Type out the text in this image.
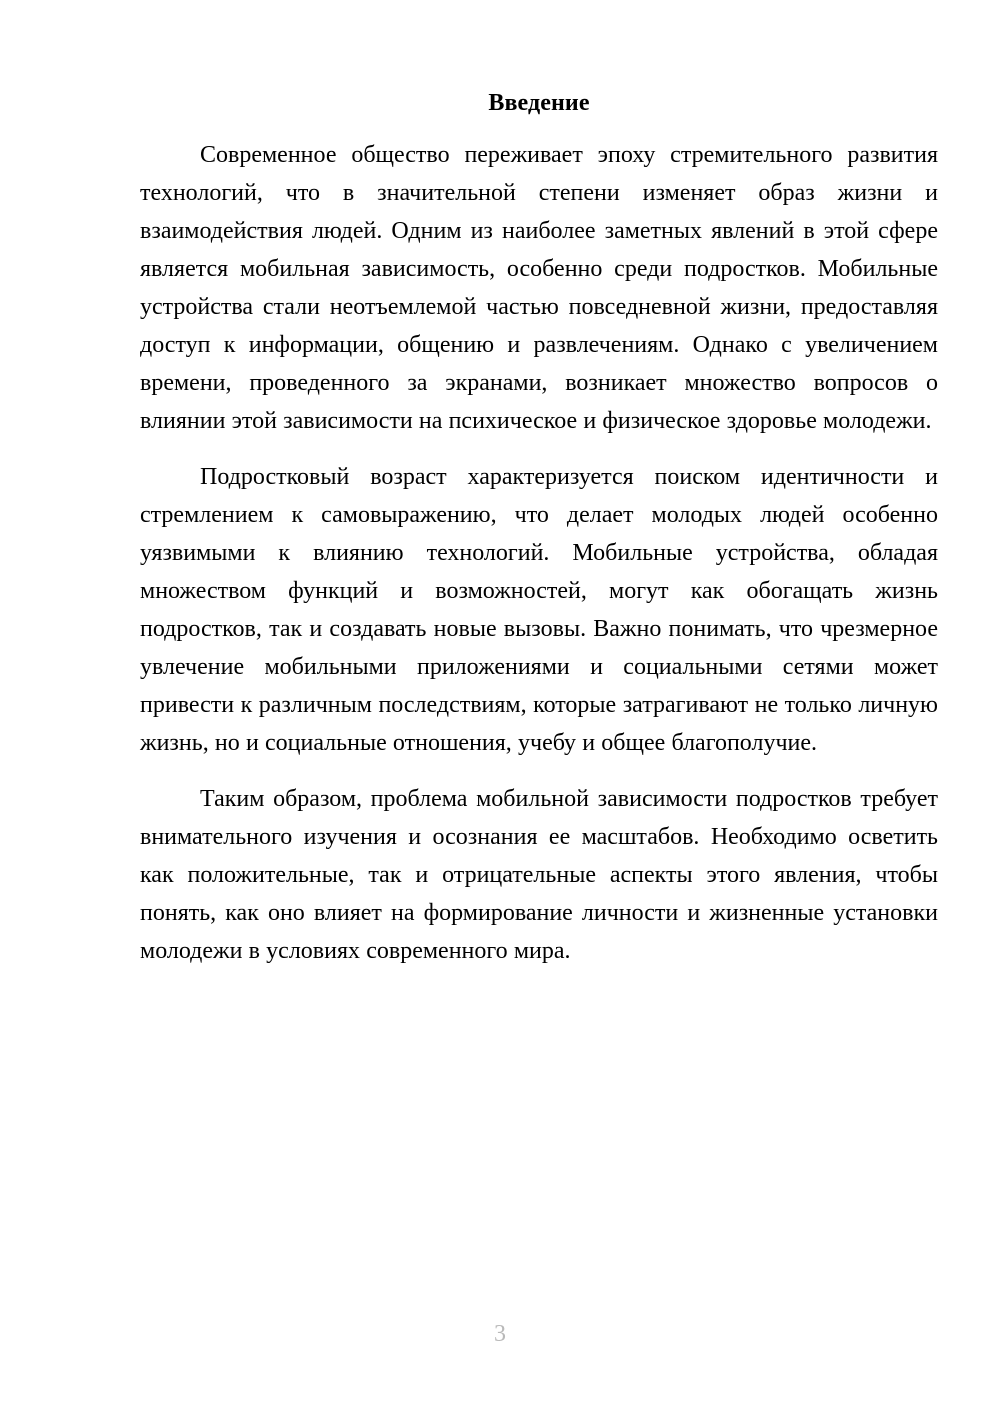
Введение

Современное общество переживает эпоху стремительного развития технологий, что в значительной степени изменяет образ жизни и взаимодействия людей. Одним из наиболее заметных явлений в этой сфере является мобильная зависимость, особенно среди подростков. Мобильные устройства стали неотъемлемой частью повседневной жизни, предоставляя доступ к информации, общению и развлечениям. Однако с увеличением времени, проведенного за экранами, возникает множество вопросов о влиянии этой зависимости на психическое и физическое здоровье молодежи.

Подростковый возраст характеризуется поиском идентичности и стремлением к самовыражению, что делает молодых людей особенно уязвимыми к влиянию технологий. Мобильные устройства, обладая множеством функций и возможностей, могут как обогащать жизнь подростков, так и создавать новые вызовы. Важно понимать, что чрезмерное увлечение мобильными приложениями и социальными сетями может привести к различным последствиям, которые затрагивают не только личную жизнь, но и социальные отношения, учебу и общее благополучие.

Таким образом, проблема мобильной зависимости подростков требует внимательного изучения и осознания ее масштабов. Необходимо осветить как положительные, так и отрицательные аспекты этого явления, чтобы понять, как оно влияет на формирование личности и жизненные установки молодежи в условиях современного мира.

3
